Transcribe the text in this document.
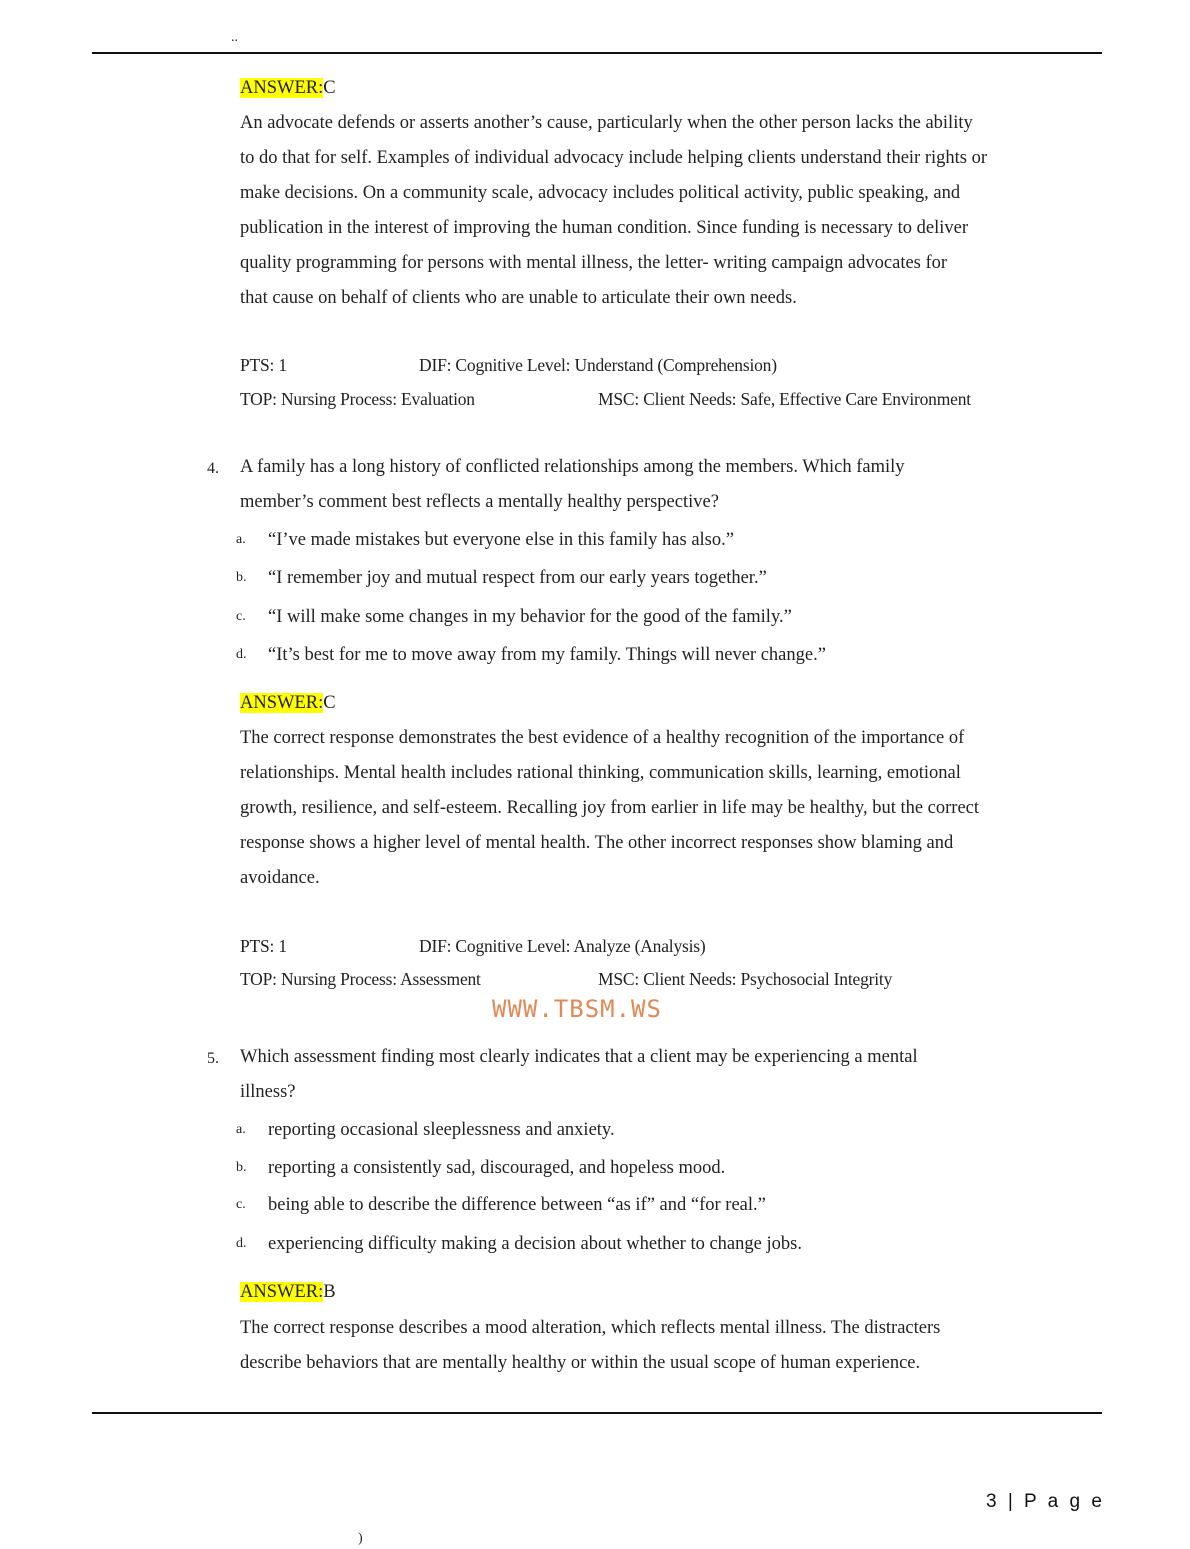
..
ANSWER:C
An advocate defends or asserts another’s cause, particularly when the other person lacks the ability
to do that for self. Examples of individual advocacy include helping clients understand their rights or
make decisions. On a community scale, advocacy includes political activity, public speaking, and
publication in the interest of improving the human condition. Since funding is necessary to deliver
quality programming for persons with mental illness, the letter- writing campaign advocates for
that cause on behalf of clients who are unable to articulate their own needs.
PTS: 1	DIF: Cognitive Level: Understand (Comprehension)
TOP: Nursing Process: Evaluation	MSC: Client Needs: Safe, Effective Care Environment
4. A family has a long history of conflicted relationships among the members. Which family
member’s comment best reflects a mentally healthy perspective?
a. “I’ve made mistakes but everyone else in this family has also.”
b. “I remember joy and mutual respect from our early years together.”
c. “I will make some changes in my behavior for the good of the family.”
d. “It’s best for me to move away from my family. Things will never change.”
ANSWER:C
The correct response demonstrates the best evidence of a healthy recognition of the importance of
relationships. Mental health includes rational thinking, communication skills, learning, emotional
growth, resilience, and self-esteem. Recalling joy from earlier in life may be healthy, but the correct
response shows a higher level of mental health. The other incorrect responses show blaming and
avoidance.
PTS: 1	DIF: Cognitive Level: Analyze (Analysis)
TOP: Nursing Process: Assessment	MSC: Client Needs: Psychosocial Integrity
WWW.TBSM.WS
5. Which assessment finding most clearly indicates that a client may be experiencing a mental
illness?
a. reporting occasional sleeplessness and anxiety.
b. reporting a consistently sad, discouraged, and hopeless mood.
c. being able to describe the difference between “as if” and “for real.”
d. experiencing difficulty making a decision about whether to change jobs.
ANSWER:B
The correct response describes a mood alteration, which reflects mental illness. The distracters
describe behaviors that are mentally healthy or within the usual scope of human experience.
3 | P a g e
)
